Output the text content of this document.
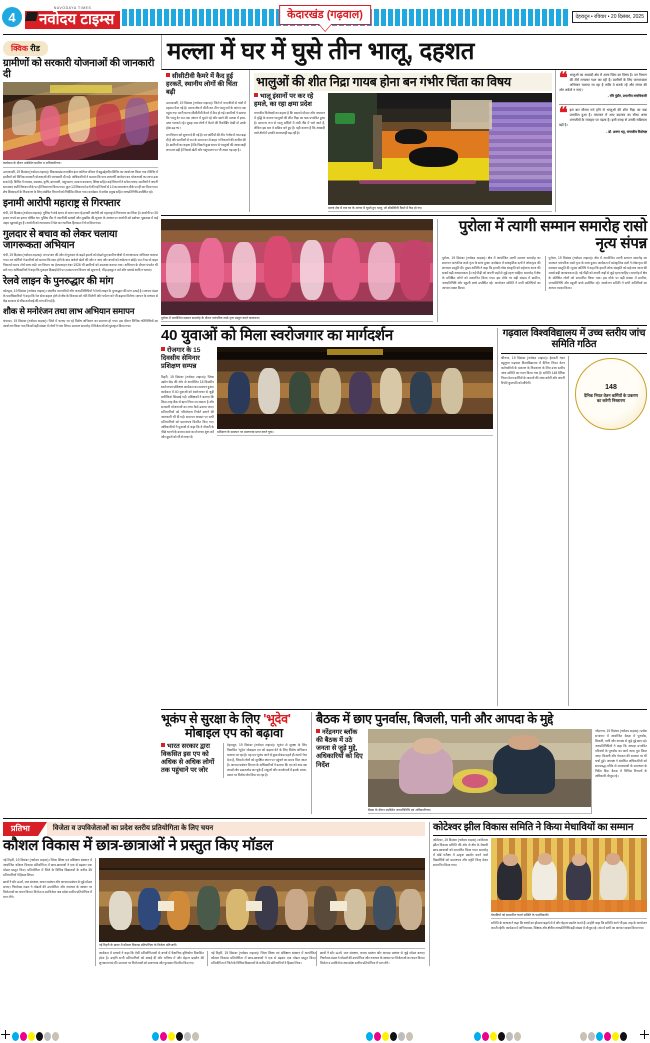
4
NAVODAYA TIMES
नवोदय टाइम्स	केदारखंड (गढ़वाल)	देहरादून • रविवार • 20 दिसंबर, 2025
क्विक रीड
ग्रामीणों को सरकारी योजनाओं की जानकारी दी
कार्यक्रम के दौरान उपस्थित ग्रामीण व अधिकारीगण।
उत्तरकाशी, 19 दिसंबर (नवोदय टाइम्स)। विकासखंड राजकीय इंटर कॉलेज परिसर में बहुउद्देश्यीय शिविर का आयोजन किया गया। शिविर में ग्रामीणों को विभिन्न सरकारी योजनाओं की जानकारी दी गई। अधिकारियों ने बताया कि पात्र लाभार्थी आवेदन कर योजनाओं का लाभ उठा सकते हैं। शिविर में राजस्व, स्वास्थ्य, कृषि, बागवानी, पशुपालन, समाज कल्याण, शिक्षा सहित कई विभागों ने स्टॉल लगाए। ग्रामीणों ने अपनी समस्याएं रखीं जिनका मौके पर ही निस्तारण किया गया। कुल 13 शिकायतें दर्ज की गईं जिनमें से 10 का समाधान मौके पर ही कर दिया गया। शेष शिकायतों के निस्तारण के लिए संबंधित विभागों को निर्देशित किया गया। कार्यक्रम में ब्लॉक प्रमुख सहित जनप्रतिनिधि उपस्थित रहे।
इनामी आरोपी महाराष्ट्र से गिरफ्तार
चंपी, 19 दिसंबर (नवोदय टाइम्स)। पुलिस ने लंबे समय से फरार चल रहे इनामी आरोपी को महाराष्ट्र से गिरफ्तार कर लिया है। आरोपी पर 25 हजार रुपये का इनाम घोषित था। पुलिस टीम ने तकनीकी साक्ष्यों और मुखबिर की सूचना के आधार पर आरोपी को दबोचा। पूछताछ में कई अहम खुलासे हुए हैं। आरोपी को न्यायालय में पेश कर न्यायिक हिरासत में भेज दिया गया।
गुलदार से बचाव को लेकर चलाया जागरूकता अभियान
चंपी, 19 दिसंबर (नवोदय टाइम्स)। वन प्रभाग की ओर से गुलदार के बढ़ते हमलों को देखते हुए ग्रामीण क्षेत्रों में जागरूकता अभियान चलाया गया। वन कर्मियों ने ग्रामीणों को बताया कि शाम होने के बाद अकेले खेतों की ओर न जाएं और बच्चों को अकेला न छोड़ें। रात में घर से बाहर निकलते समय टॉर्च साथ रखें। वन विभाग का हेल्पलाइन नंबर 1926 भी ग्रामीणों को उपलब्ध कराया गया। अभियान के दौरान पंपलेट भी बांटे गए। अधिकारियों ने कहा कि गुलदार दिखाई देने पर तत्काल वन विभाग को सूचना दें, भीड़ इकट्ठा न करें और पटाखे आदि न चलाएं।
रेलवे लाइन के पुनरुद्धार की मांग
कोटद्वार, 19 दिसंबर (नवोदय टाइम्स)। स्थानीय व्यापारियों और जनप्रतिनिधियों ने रेलवे लाइन के पुनरुद्धार की मांग उठाई है। व्यापार मंडल के पदाधिकारियों ने कहा कि रेल सेवा बहाल होने से क्षेत्र के विकास को गति मिलेगी और पर्यटन को भी बढ़ावा मिलेगा। ज्ञापन के माध्यम से केंद्र सरकार से शीघ्र कार्रवाई की मांग की गई है।
शौक से मनोरंजन तथा लाभ अभियान समापन
चंपावत, 19 दिसंबर (नवोदय टाइम्स)। जिले में चलाए जा रहे विशेष अभियान का समापन हो गया। इस दौरान विभिन्न गतिविधियों का आयोजन किया गया जिसमें बड़ी संख्या में लोगों ने भाग लिया। समापन समारोह में विजेताओं को पुरस्कृत किया गया।
मल्ला में घर में घुसे तीन भालू, दहशत
सीसीटीवी कैमरे में कैद हुई हरकतें, स्थानीय लोगों की चिंता बढ़ी
उत्तरकाशी, 19 दिसंबर (नवोदय टाइम्स)। जिले में वन्यजीवों से गांवों में दहशत फैल गई है। मल्ला क्षेत्र में बीती रात तीन भालू घरों के आंगन तक पहुंच गए। सारी घटना सीसीटीवी कैमरे में कैद हो गई। ग्रामीणों ने बताया कि भालू देर रात तक आंगन में घूमते रहे और खाने की तलाश में इधर-उधर भटकते रहे। सुबह जब लोगों ने कैमरे की रिकॉर्डिंग देखी तो उनके होश उड़ गए।
वन विभाग को सूचना दे दी गई है। वन कर्मियों की टीम ने क्षेत्र में गश्त बढ़ा दी है और ग्रामीणों से रात के समय घर से बाहर न निकलने की अपील की है। ग्रामीणों का कहना है कि पिछले कुछ समय से भालुओं की आवाजाही लगातार बढ़ी है जिससे खेती और पशुपालन पर भी असर पड़ रहा है।
भालुओं की शीत निद्रा गायब होना बन गंभीर चिंता का विषय
भालू इंसानों पर कर रहे हमले, का रहा क्षमा प्रदेश
वन्यजीव विशेषज्ञों का कहना है कि बदलते मौसम और तापमान में वृद्धि के कारण भालुओं की शीत निद्रा का चक्र प्रभावित हुआ है। सामान्य रूप से भालू सर्दियों में लंबी नींद में चले जाते हैं, लेकिन इस बार वे सक्रिय बने हुए हैं। यही कारण है कि आबादी वाले क्षेत्रों में उनकी आवाजाही बढ़ रही है।
मल्ला क्षेत्र में एक घर के आंगन में घूमते हुए भालू, जो सीसीटीवी कैमरे में कैद हो गए।
❝ भालुओं का आबादी क्षेत्र में आना चिंता का विषय है। वन विभाग की टीमें लगातार गश्त कर रही हैं। ग्रामीणों के लिए जागरूकता अभियान चलाया जा रहा है ताकि वे सतर्क रहें और जंगल की ओर अकेले न जाएं।
- रवि पुंडीर, प्रभागीय वनाधिकारी
❝ इस बार मौसम गर्म होने से भालुओं की शीत निद्रा का चक्र प्रभावित हुआ है। तापमान में आए बदलाव का सीधा असर वन्यजीवों के व्यवहार पर पड़ता है। इसी वजह से उनकी सक्रियता बढ़ी है।
- डॉ. अरुण भट्ट, वन्यजीव विशेषज्ञ
पुरोला में आयोजित सम्मान समारोह के दौरान पारंपरिक रासो नृत्य प्रस्तुत करते कलाकार।
पुरोला में त्यागी सम्मान समारोह रासो नृत्य संपन्न
पुरोला, 19 दिसंबर (नवोदय टाइम्स)। क्षेत्र में आयोजित त्यागी सम्मान समारोह का समापन पारंपरिक रासो नृत्य के साथ हुआ। कार्यक्रम में सांस्कृतिक दलों ने लोकनृत्य की शानदार प्रस्तुति दी। मुख्य अतिथि ने कहा कि हमारी लोक संस्कृति को सहेजना आज की सबसे बड़ी आवश्यकता है। नई पीढ़ी को अपनी जड़ों से जुड़े रहना चाहिए। समारोह में क्षेत्र के प्रतिष्ठित लोगों को सम्मानित किया गया। इस मौके पर बड़ी संख्या में ग्रामीण, जनप्रतिनिधि और स्कूली बच्चे उपस्थित रहे। आयोजन समिति ने सभी अतिथियों का आभार व्यक्त किया।
पुरोला, 19 दिसंबर (नवोदय टाइम्स)। क्षेत्र में आयोजित त्यागी सम्मान समारोह का समापन पारंपरिक रासो नृत्य के साथ हुआ। कार्यक्रम में सांस्कृतिक दलों ने लोकनृत्य की शानदार प्रस्तुति दी। मुख्य अतिथि ने कहा कि हमारी लोक संस्कृति को सहेजना आज की सबसे बड़ी आवश्यकता है। नई पीढ़ी को अपनी जड़ों से जुड़े रहना चाहिए। समारोह में क्षेत्र के प्रतिष्ठित लोगों को सम्मानित किया गया। इस मौके पर बड़ी संख्या में ग्रामीण, जनप्रतिनिधि और स्कूली बच्चे उपस्थित रहे। आयोजन समिति ने सभी अतिथियों का आभार व्यक्त किया।
40 युवाओं को मिला स्वरोजगार का मार्गदर्शन
रोजगार के 15 दिवसीय सेमिनार प्रशिक्षण सम्पन्न
टिहरी, 19 दिसंबर (नवोदय टाइम्स)। जिला उद्योग केंद्र की ओर से आयोजित 15 दिवसीय स्वरोजगार प्रशिक्षण कार्यक्रम का समापन हुआ। कार्यक्रम में 40 युवाओं को स्वरोजगार से जुड़ी बारीकियां सिखाई गईं। प्रशिक्षकों ने बताया कि किस तरह बैंक से ऋण लिया जा सकता है और सरकारी योजनाओं का लाभ कैसे उठाया जाए। प्रतिभागियों को परियोजना रिपोर्ट बनाने की जानकारी भी दी गई। समापन अवसर पर सभी प्रतिभागियों को प्रमाणपत्र वितरित किए गए। अधिकारियों ने युवाओं से कहा कि वे नौकरी के पीछे भागने के बजाय स्वयं का रोजगार शुरू करें और दूसरों को भी रोजगार दें।
प्रशिक्षण के समापन पर प्रमाणपत्र प्राप्त करते युवा।
गढ़वाल विश्वविद्यालय में उच्च स्तरीय जांच समिति गठित
श्रीनगर, 19 दिसंबर (नवोदय टाइम्स)। हेमवती नंदन बहुगुणा गढ़वाल विश्वविद्यालय में दैनिक नियत वेतन कर्मचारियों के प्रकरण के निस्तारण के लिए उच्च स्तरीय जांच समिति का गठन किया गया है। समिति 148 दैनिक नियत वेतन कर्मियों के मामलों की जांच करेगी और अपनी रिपोर्ट कुलपति को सौंपेगी।
148
दैनिक नियत वेतन कर्मियों के प्रकरण का करेगी निस्तारण
भूकंप से सुरक्षा के लिए 'भूदेव'
मोबाइल एप को बढ़ावा
भारत सरकार द्वारा विकसित इस एप को अधिक से अधिक लोगों तक पहुंचाने पर जोर
देहरादून, 19 दिसंबर (नवोदय टाइम्स)। भूकंप से सुरक्षा के लिए विकसित 'भूदेव' मोबाइल एप को बढ़ावा देने के लिए विशेष अभियान चलाया जा रहा है। यह एप भूकंप आने से कुछ सेकंड पहले ही अलर्ट भेज देता है, जिससे लोगों को सुरक्षित स्थान पर पहुंचने का समय मिल जाता है। आपदा प्रबंधन विभाग के अधिकारियों ने बताया कि एप को अब तक लाखों लोग डाउनलोड कर चुके हैं। स्कूलों और कार्यालयों में इसके प्रचार-प्रसार पर विशेष जोर दिया जा रहा है।
बैठक में छाए पुनर्वास, बिजली, पानी और आपदा के मुद्दे
नरेंद्रनगर ब्लॉक की बैठक में उठे जनता से जुड़े मुद्दे, अधिकारियों को दिए निर्देश
बैठक के दौरान उपस्थित जनप्रतिनिधि एवं अधिकारीगण।
नरेंद्रनगर, 19 दिसंबर (नवोदय टाइम्स)। ब्लॉक सभागार में आयोजित बैठक में पुनर्वास, बिजली, पानी और आपदा से जुड़े मुद्दे छाए रहे। जनप्रतिनिधियों ने कहा कि आपदा प्रभावित परिवारों के पुनर्वास का कार्य जल्द पूरा किया जाए। बिजली और पेयजल की समस्या पर भी चर्चा हुई। अध्यक्ष ने संबंधित अधिकारियों को समयबद्ध तरीके से समस्याओं के समाधान के निर्देश दिए। बैठक में विभिन्न विभागों के अधिकारी मौजूद रहे।
प्रतिभा	विजेता व उपविजेताओं का प्रदेश स्तरीय प्रतियोगिता के लिए चयन
कौशल विकास में छात्र-छात्राओं ने प्रस्तुत किए मॉडल
नई टिहरी, 19 दिसंबर (नवोदय टाइम्स)। जिला शिक्षा एवं प्रशिक्षण संस्थान में आयोजित कौशल विकास प्रतियोगिता में छात्र-छात्राओं ने एक से बढ़कर एक मॉडल प्रस्तुत किए। प्रतियोगिता में जिले के विभिन्न विद्यालयों के करीब 35 प्रतिभागियों ने हिस्सा लिया।
छात्रों ने सौर ऊर्जा, जल संरक्षण, कचरा प्रबंधन और आपदा प्रबंधन से जुड़े मॉडल बनाए। निर्णायक मंडल ने मॉडलों की उपयोगिता और नवाचार के आधार पर विजेताओं का चयन किया। विजेता व उपविजेता अब प्रदेश स्तरीय प्रतियोगिता में भाग लेंगे।
नई टिहरी के डायट में कौशल विकास प्रतियोगिता के विजेता प्रतिभागी।
कार्यक्रम में प्राचार्य ने कहा कि ऐसी प्रतियोगिताओं से बच्चों में वैज्ञानिक दृष्टिकोण विकसित होता है। उन्होंने सभी प्रतिभागियों को बधाई दी और भविष्य में और बेहतर प्रदर्शन की शुभकामनाएं दीं। समापन पर विजेताओं को प्रमाणपत्र और पुरस्कार वितरित किए गए।
नई टिहरी, 19 दिसंबर (नवोदय टाइम्स)। जिला शिक्षा एवं प्रशिक्षण संस्थान में आयोजित कौशल विकास प्रतियोगिता में छात्र-छात्राओं ने एक से बढ़कर एक मॉडल प्रस्तुत किए। प्रतियोगिता में जिले के विभिन्न विद्यालयों के करीब 35 प्रतिभागियों ने हिस्सा लिया।
छात्रों ने सौर ऊर्जा, जल संरक्षण, कचरा प्रबंधन और आपदा प्रबंधन से जुड़े मॉडल बनाए। निर्णायक मंडल ने मॉडलों की उपयोगिता और नवाचार के आधार पर विजेताओं का चयन किया। विजेता व उपविजेता अब प्रदेश स्तरीय प्रतियोगिता में भाग लेंगे।
कोटेश्वर झील विकास समिति ने किया मेधावियों का सम्मान
कोटेश्वर, 19 दिसंबर (नवोदय टाइम्स)। कोटेश्वर झील विकास समिति की ओर से क्षेत्र के मेधावी छात्र-छात्राओं को सम्मानित किया गया। समारोह में बोर्ड परीक्षा में उत्कृष्ट प्रदर्शन करने वाले विद्यार्थियों को प्रमाणपत्र और स्मृति चिन्ह देकर सम्मानित किया गया।
मेधावियों को सम्मानित करते समिति के पदाधिकारी।
समिति के अध्यक्ष ने कहा कि बच्चों का हौसला बढ़ाने से वे और बेहतर प्रदर्शन करते हैं। उन्होंने कहा कि समिति आगे भी इस तरह के आयोजन करती रहेगी। कार्यक्रम में अभिभावक, शिक्षक और क्षेत्रीय जनप्रतिनिधि बड़ी संख्या में मौजूद रहे। अंत में सभी का आभार व्यक्त किया गया।
